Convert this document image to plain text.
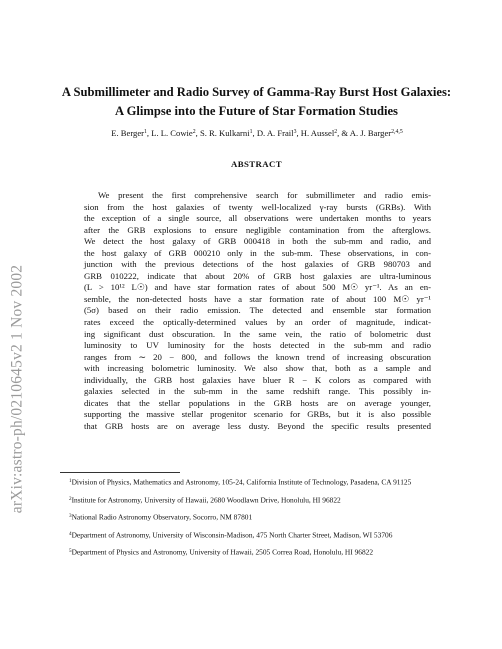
arXiv:astro-ph/0210645v2 1 Nov 2002
A Submillimeter and Radio Survey of Gamma-Ray Burst Host Galaxies: A Glimpse into the Future of Star Formation Studies
E. Berger$^1$, L. L. Cowie$^2$, S. R. Kulkarni$^1$, D. A. Frail$^3$, H. Aussel$^2$, & A. J. Barger$^{2,4,5}$
ABSTRACT
We present the first comprehensive search for submillimeter and radio emis-
sion from the host galaxies of twenty well-localized γ-ray bursts (GRBs). With
the exception of a single source, all observations were undertaken months to years
after the GRB explosions to ensure negligible contamination from the afterglows.
We detect the host galaxy of GRB 000418 in both the sub-mm and radio, and
the host galaxy of GRB 000210 only in the sub-mm. These observations, in con-
junction with the previous detections of the host galaxies of GRB 980703 and
GRB 010222, indicate that about 20% of GRB host galaxies are ultra-luminous
(L > 10¹² L☉) and have star formation rates of about 500 M☉ yr⁻¹. As an en-
semble, the non-detected hosts have a star formation rate of about 100 M☉ yr⁻¹
(5σ) based on their radio emission. The detected and ensemble star formation
rates exceed the optically-determined values by an order of magnitude, indicat-
ing significant dust obscuration. In the same vein, the ratio of bolometric dust
luminosity to UV luminosity for the hosts detected in the sub-mm and radio
ranges from ∼ 20 − 800, and follows the known trend of increasing obscuration
with increasing bolometric luminosity. We also show that, both as a sample and
individually, the GRB host galaxies have bluer R − K colors as compared with
galaxies selected in the sub-mm in the same redshift range. This possibly in-
dicates that the stellar populations in the GRB hosts are on average younger,
supporting the massive stellar progenitor scenario for GRBs, but it is also possible
that GRB hosts are on average less dusty. Beyond the specific results presented
$^1$Division of Physics, Mathematics and Astronomy, 105-24, California Institute of Technology, Pasadena, CA 91125
$^2$Institute for Astronomy, University of Hawaii, 2680 Woodlawn Drive, Honolulu, HI 96822
$^3$National Radio Astronomy Observatory, Socorro, NM 87801
$^4$Department of Astronomy, University of Wisconsin-Madison, 475 North Charter Street, Madison, WI 53706
$^5$Department of Physics and Astronomy, University of Hawaii, 2505 Correa Road, Honolulu, HI 96822
